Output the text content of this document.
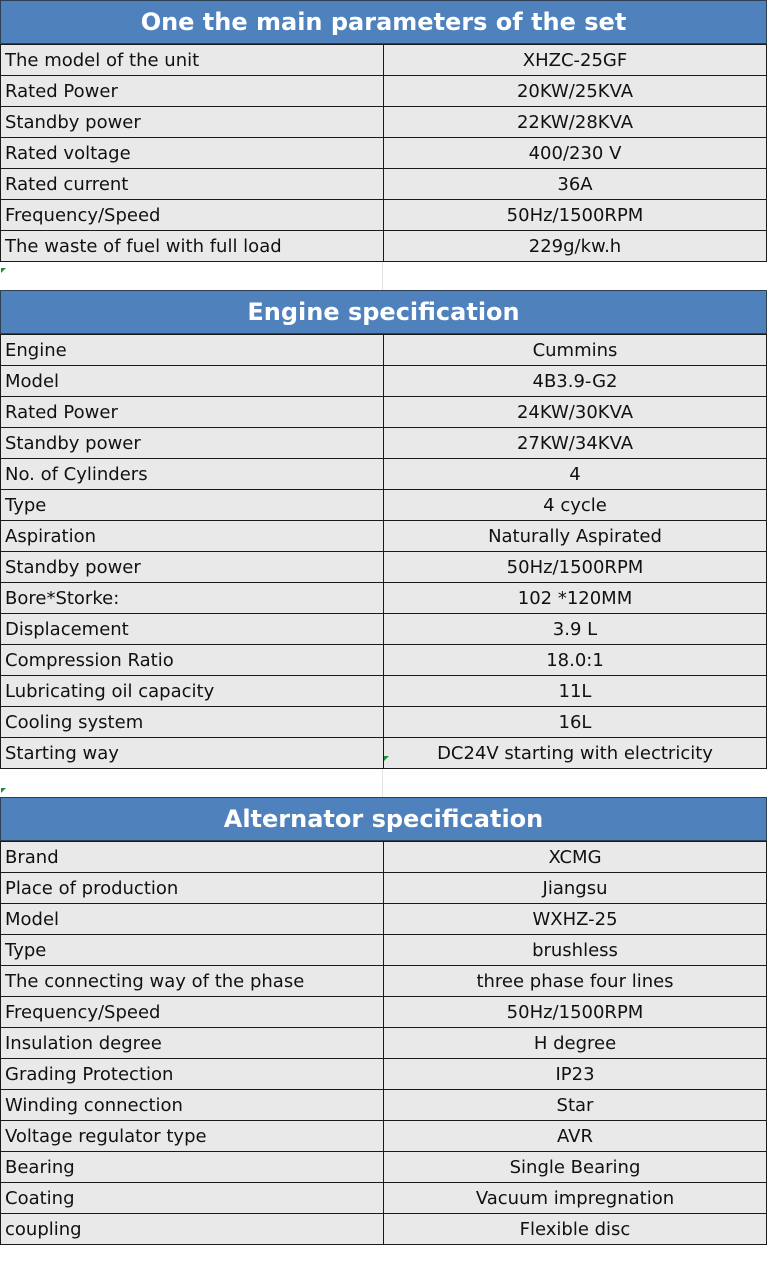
One the main parameters of the set
The model of the unit	XHZC-25GF
Rated Power	20KW/25KVA
Standby power	22KW/28KVA
Rated voltage	400/230 V
Rated current	36A
Frequency/Speed	50Hz/1500RPM
The waste of fuel with full load	229g/kw.h
Engine specification
Engine	Cummins
Model	4B3.9-G2
Rated Power	24KW/30KVA
Standby power	27KW/34KVA
No. of Cylinders	4
Type	4 cycle
Aspiration	Naturally Aspirated
Standby power	50Hz/1500RPM
Bore*Storke:	102 *120MM
Displacement	3.9 L
Compression Ratio	18.0:1
Lubricating oil capacity	11L
Cooling system	16L
Starting way	DC24V starting with electricity
Alternator specification
Brand	XCMG
Place of production	Jiangsu
Model	WXHZ-25
Type	brushless
The connecting way of the phase	three phase four lines
Frequency/Speed	50Hz/1500RPM
Insulation degree	H degree
Grading Protection	IP23
Winding connection	Star
Voltage regulator type	AVR
Bearing	Single Bearing
Coating	Vacuum impregnation
coupling	Flexible disc
